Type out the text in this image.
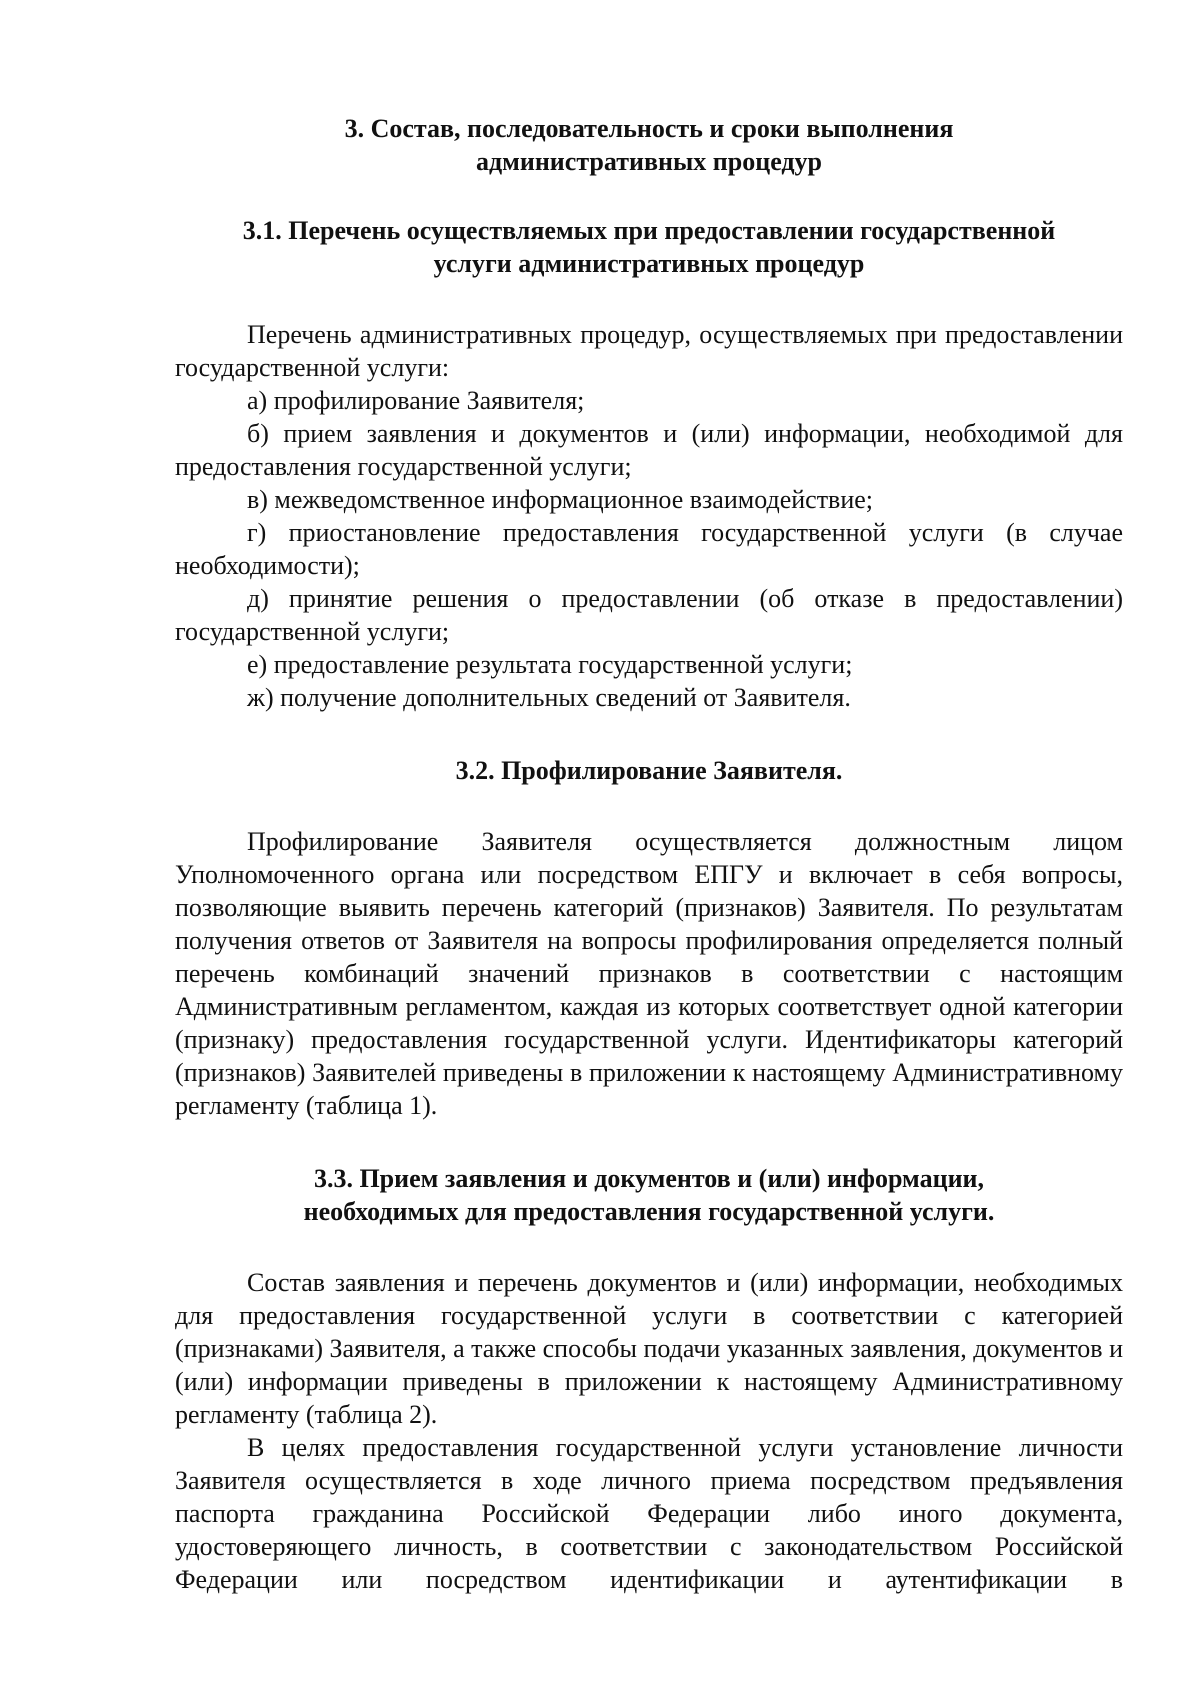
3. Состав, последовательность и сроки выполнения
административных процедур
3.1. Перечень осуществляемых при предоставлении государственной
услуги административных процедур

Перечень административных процедур, осуществляемых при предоставлении государственной услуги:

а) профилирование Заявителя;

б) прием заявления и документов и (или) информации, необходимой для предоставления государственной услуги;

в) межведомственное информационное взаимодействие;

г) приостановление предоставления государственной услуги (в случае необходимости);

д) принятие решения о предоставлении (об отказе в предоставлении) государственной услуги;

е) предоставление результата государственной услуги;

ж) получение дополнительных сведений от Заявителя.

3.2. Профилирование Заявителя.

Профилирование Заявителя осуществляется должностным лицом Уполномоченного органа или посредством ЕПГУ и включает в себя вопросы, позволяющие выявить перечень категорий (признаков) Заявителя. По результатам получения ответов от Заявителя на вопросы профилирования определяется полный перечень комбинаций значений признаков в соответствии с настоящим Административным регламентом, каждая из которых соответствует одной категории (признаку) предоставления государственной услуги. Идентификаторы категорий (признаков) Заявителей приведены в приложении к настоящему Административному регламенту (таблица 1).

3.3. Прием заявления и документов и (или) информации,
необходимых для предоставления государственной услуги.

Состав заявления и перечень документов и (или) информации, необходимых для предоставления государственной услуги в соответствии с категорией (признаками) Заявителя, а также способы подачи указанных заявления, документов и (или) информации приведены в приложении к настоящему Административному регламенту (таблица 2).

В целях предоставления государственной услуги установление личности Заявителя осуществляется в ходе личного приема посредством предъявления паспорта гражданина Российской Федерации либо иного документа, удостоверяющего личность, в соответствии с законодательством Российской Федерации или посредством идентификации и аутентификации в
